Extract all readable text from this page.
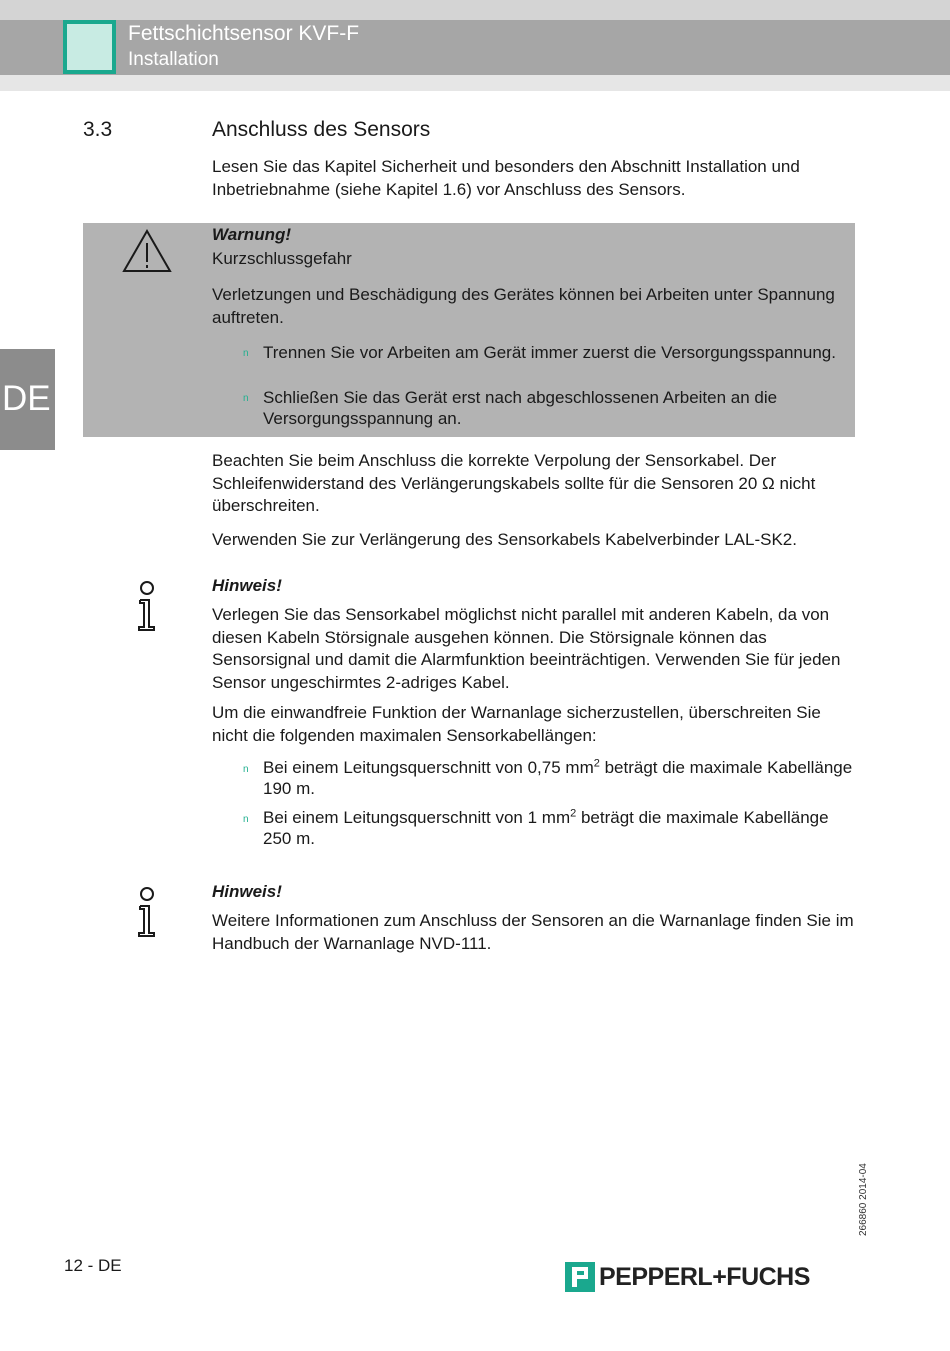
Fettschichtsensor KVF-F
Installation
DE
3.3	Anschluss des Sensors

Lesen Sie das Kapitel Sicherheit und besonders den Abschnitt Installation und Inbetriebnahme (siehe Kapitel 1.6) vor Anschluss des Sensors.

Warnung!

Kurzschlussgefahr

Verletzungen und Beschädigung des Gerätes können bei Arbeiten unter Spannung auftreten.

n Trennen Sie vor Arbeiten am Gerät immer zuerst die Versorgungsspannung.

n Schließen Sie das Gerät erst nach abgeschlossenen Arbeiten an die Versorgungsspannung an.

Beachten Sie beim Anschluss die korrekte Verpolung der Sensorkabel. Der Schleifenwiderstand des Verlängerungskabels sollte für die Sensoren 20 Ω nicht überschreiten.

Verwenden Sie zur Verlängerung des Sensorkabels Kabelverbinder LAL-SK2.

Hinweis!

Verlegen Sie das Sensorkabel möglichst nicht parallel mit anderen Kabeln, da von diesen Kabeln Störsignale ausgehen können. Die Störsignale können das Sensorsignal und damit die Alarmfunktion beeinträchtigen. Verwenden Sie für jeden Sensor ungeschirmtes 2-adriges Kabel.

Um die einwandfreie Funktion der Warnanlage sicherzustellen, überschreiten Sie nicht die folgenden maximalen Sensorkabellängen:

n Bei einem Leitungsquerschnitt von 0,75 $mm^2$ beträgt die maximale Kabellänge 190 m.

n Bei einem Leitungsquerschnitt von 1 $mm^2$ beträgt die maximale Kabellänge 250 m.

Hinweis!

Weitere Informationen zum Anschluss der Sensoren an die Warnanlage finden Sie im Handbuch der Warnanlage NVD-111.

266860 2014-04
12 - DE	PEPPERL+FUCHS
